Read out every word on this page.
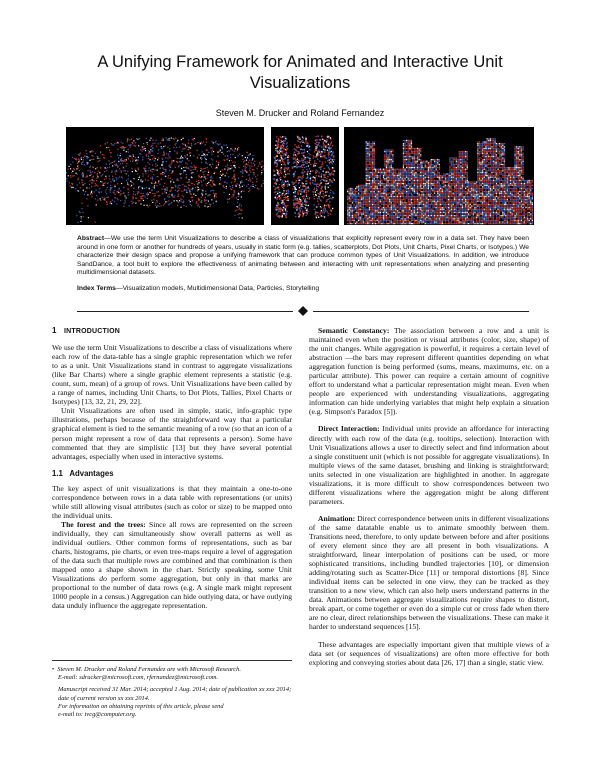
A Unifying Framework for Animated and Interactive Unit
Visualizations
Steven M. Drucker and Roland Fernandez
Abstract—We use the term Unit Visualizations to describe a class of visualizations that explicitly represent every row in a data set. They have been around in one form or another for hundreds of years, usually in static form (e.g. tallies, scatterplots, Dot Plots, Unit Charts, Pixel Charts, or Isotypes.) We characterize their design space and propose a unifying framework that can produce common types of Unit Visualizations. In addition, we introduce SandDance, a tool built to explore the effectiveness of animating between and interacting with unit representations when analyzing and presenting multidimensional datasets.
Index Terms—Visualization models, Multidimensional Data, Particles, Storytelling
1 INTRODUCTION

We use the term Unit Visualizations to describe a class of visualizations where each row of the data-table has a single graphic representation which we refer to as a unit. Unit Visualizations stand in contrast to aggregate visualizations (like Bar Charts) where a single graphic element represents a statistic (e.g. count, sum, mean) of a group of rows. Unit Visualizations have been called by a range of names, including Unit Charts, to Dot Plots, Tallies, Pixel Charts or Isotypes) [13, 32, 21, 29, 22].

Unit Visualizations are often used in simple, static, info-graphic type illustrations, perhaps because of the straightforward way that a particular graphical element is tied to the semantic meaning of a row (so that an icon of a person might represent a row of data that represents a person). Some have commented that they are simplistic [13] but they have several potential advantages, especially when used in interactive systems.

1.1 Advantages

The key aspect of unit visualizations is that they maintain a one-to-one correspondence between rows in a data table with representations (or units) while still allowing visual attributes (such as color or size) to be mapped onto the individual units.

The forest and the trees: Since all rows are represented on the screen individually, they can simultaneously show overall patterns as well as individual outliers. Other common forms of representations, such as bar charts, histograms, pie charts, or even tree-maps require a level of aggregation of the data such that multiple rows are combined and that combination is then mapped onto a shape shown in the chart. Strictly speaking, some Unit Visualizations do perform some aggregation, but only in that marks are proportional to the number of data rows (e.g. A single mark might represent 1000 people in a census.) Aggregation can hide outlying data, or have outlying data unduly influence the aggregate representation.

Semantic Constancy: The association between a row and a unit is maintained even when the position or visual attributes (color, size, shape) of the unit changes. While aggregation is powerful, it requires a certain level of abstraction —the bars may represent different quantities depending on what aggregation function is being performed (sums, means, maximums, etc. on a particular attribute). This power can require a certain amount of cognitive effort to understand what a particular representation might mean. Even when people are experienced with understanding visualizations, aggregating information can hide underlying variables that might help explain a situation (e.g. Simpson's Paradox [5]).

Direct Interaction: Individual units provide an affordance for interacting directly with each row of the data (e.g. tooltips, selection). Interaction with Unit Visualizations allows a user to directly select and find information about a single constituent unit (which is not possible for aggregate visualizations). In multiple views of the same dataset, brushing and linking is straightforward; units selected in one visualization are highlighted in another. In aggregate visualizations, it is more difficult to show correspondences between two different visualizations where the aggregation might be along different parameters.

Animation: Direct correspondence between units in different visualizations of the same datatable enable us to animate smoothly between them. Transitions need, therefore, to only update between before and after positions of every element since they are all present in both visualizations. A straightforward, linear interpolation of positions can be used, or more sophisticated transitions, including bundled trajectories [10], or dimension adding/rotating such as Scatter-Dice [11] or temporal distortions [8]. Since individual items can be selected in one view, they can be tracked as they transition to a new view, which can also help users understand patterns in the data. Animations between aggregate visualizations require shapes to distort, break apart, or come together or even do a simple cut or cross fade when there are no clear, direct relationships between the visualizations. These can make it harder to understand sequences [15].

These advantages are especially important given that multiple views of a data set (or sequences of visualizations) are often more effective for both exploring and conveying stories about data [26, 17] than a single, static view.

• Steven M. Drucker and Roland Fernandez are with Microsoft Research.

E-mail: sdrucker@microsoft.com, rfernandez@microsoft.com.

Manuscript received 31 Mar. 2014; accepted 1 Aug. 2014; date of publication xx xxx 2014; date of current version xx xxx 2014.

For information on obtaining reprints of this article, please send

e-mail to: tvcg@computer.org.
